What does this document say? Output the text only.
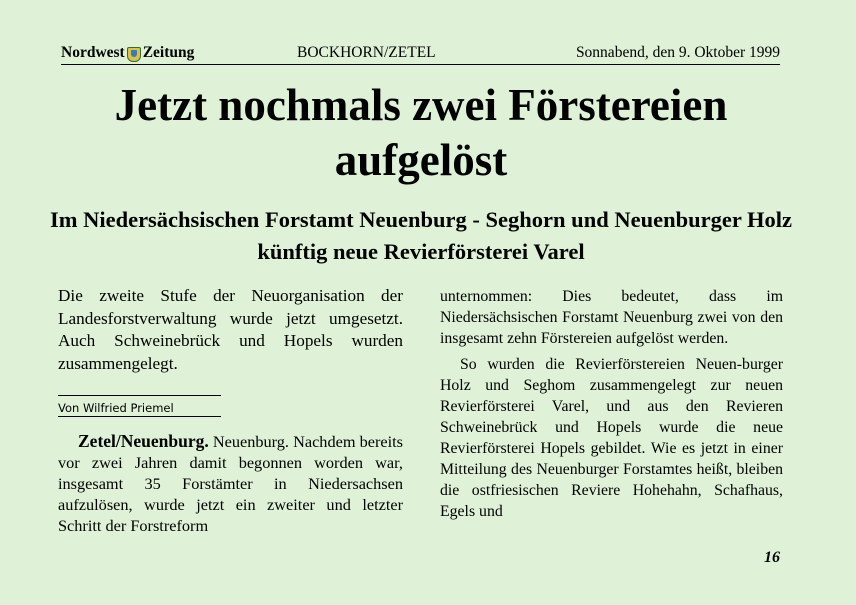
Nordwest Zeitung	BOCKHORN/ZETEL	Sonnabend, den 9. Oktober 1999
Jetzt nochmals zwei Förstereien aufgelöst
Im Niedersächsischen Forstamt Neuenburg - Seghorn und Neuenburger Holz künftig neue Revierförsterei Varel

Die zweite Stufe der Neuorganisation der Landesforstverwaltung wurde jetzt umgesetzt. Auch Schweinebrück und Hopels wurden zusammengelegt.

Von Wilfried Priemel

Zetel/Neuenburg. Neuenburg. Nachdem bereits vor zwei Jahren damit begonnen worden war, insgesamt 35 Forstämter in Niedersachsen aufzulösen, wurde jetzt ein zweiter und letzter Schritt der Forstreform

unternommen: Dies bedeutet, dass im Niedersächsischen Forstamt Neuenburg zwei von den insgesamt zehn Förstereien aufgelöst werden.

So wurden die Revierförstereien Neuen-burger Holz und Seghom zusammengelegt zur neuen Revierförsterei Varel, und aus den Revieren Schweinebrück und Hopels wurde die neue Revierförsterei Hopels gebildet. Wie es jetzt in einer Mitteilung des Neuenburger Forstamtes heißt, bleiben die ostfriesischen Reviere Hohehahn, Schafhaus, Egels und

16
